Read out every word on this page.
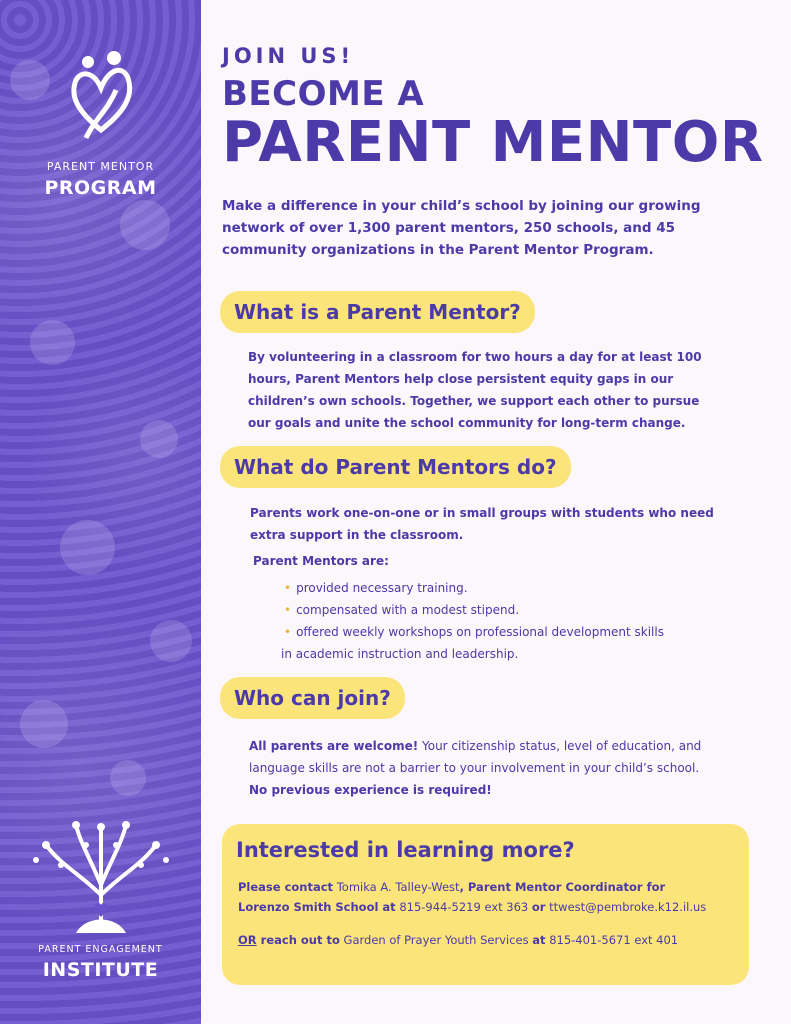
PARENT MENTOR
PROGRAM
PARENT ENGAGEMENT
INSTITUTE
JOIN US!
BECOME A
PARENT MENTOR

Make a difference in your child’s school by joining our growing network of over 1,300 parent mentors, 250 schools, and 45 community organizations in the Parent Mentor Program.

What is a Parent Mentor?

By volunteering in a classroom for two hours a day for at least 100 hours, Parent Mentors help close persistent equity gaps in our children’s own schools. Together, we support each other to pursue our goals and unite the school community for long-term change.

What do Parent Mentors do?

Parents work one-on-one or in small groups with students who need extra support in the classroom.

Parent Mentors are:

• provided necessary training.
• compensated with a modest stipend.
• offered weekly workshops on professional development skills
in academic instruction and leadership.
Who can join?

All parents are welcome! Your citizenship status, level of education, and language skills are not a barrier to your involvement in your child’s school.
No previous experience is required!

Interested in learning more?

Please contact Tomika A. Talley-West, Parent Mentor Coordinator for
Lorenzo Smith School at 815-944-5219 ext 363 or ttwest@pembroke.k12.il.us

OR reach out to Garden of Prayer Youth Services at 815-401-5671 ext 401
